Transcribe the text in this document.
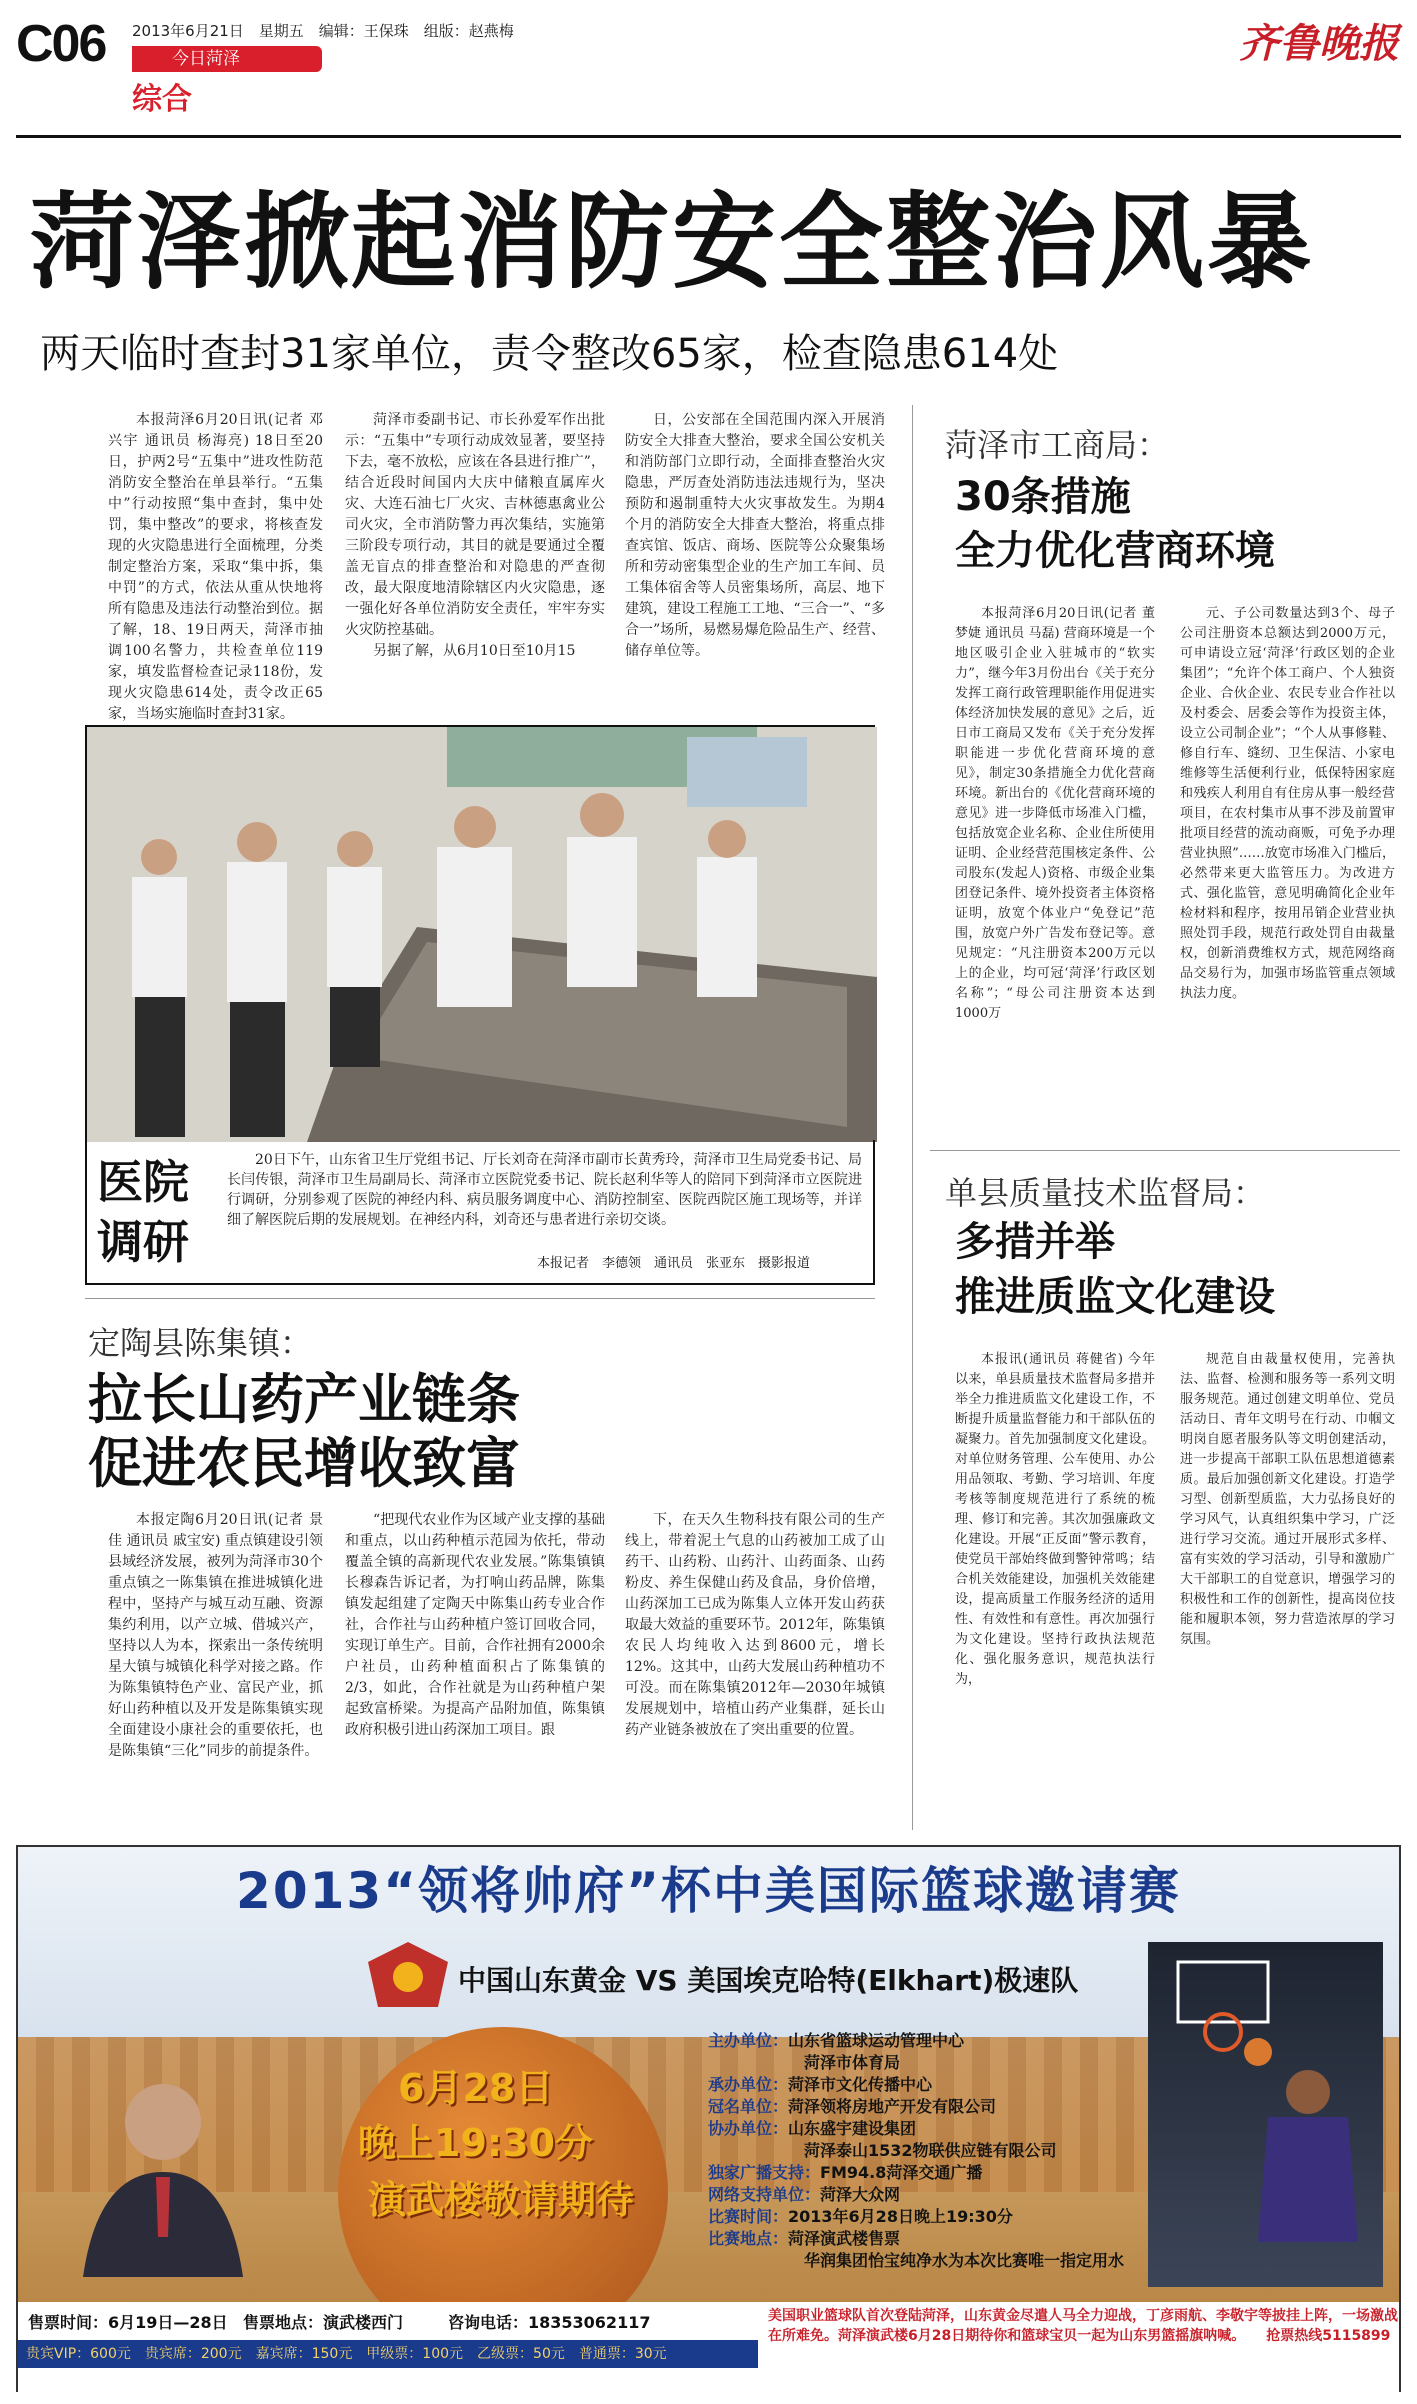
C06 2013年6月21日　星期五　编辑：王保珠　组版：赵燕梅
今日菏泽
综合
齐鲁晚报
菏泽掀起消防安全整治风暴
两天临时查封31家单位，责令整改65家，检查隐患614处

本报菏泽6月20日讯(记者 邓兴宇 通讯员 杨海亮) 18日至20日，护两2号“五集中”进攻性防范消防安全整治在单县举行。“五集中”行动按照“集中查封，集中处罚，集中整改”的要求，将核查发现的火灾隐患进行全面梳理，分类制定整治方案，采取“集中拆，集中罚”的方式，依法从重从快地将所有隐患及违法行动整治到位。据了解，18、19日两天，菏泽市抽调100名警力，共检查单位119家，填发监督检查记录118份，发现火灾隐患614处，责令改正65家，当场实施临时查封31家。

菏泽市委副书记、市长孙爱军作出批示：“五集中”专项行动成效显著，要坚持下去，毫不放松，应该在各县进行推广”，结合近段时间国内大庆中储粮直属库火灾、大连石油七厂火灾、吉林德惠禽业公司火灾，全市消防警力再次集结，实施第三阶段专项行动，其目的就是要通过全覆盖无盲点的排查整治和对隐患的严查彻改，最大限度地清除辖区内火灾隐患，逐一强化好各单位消防安全责任，牢牢夯实火灾防控基础。

另据了解，从6月10日至10月15

日，公安部在全国范围内深入开展消防安全大排查大整治，要求全国公安机关和消防部门立即行动，全面排查整治火灾隐患，严厉查处消防违法违规行为，坚决预防和遏制重特大火灾事故发生。为期4个月的消防安全大排查大整治，将重点排查宾馆、饭店、商场、医院等公众聚集场所和劳动密集型企业的生产加工车间、员工集体宿舍等人员密集场所，高层、地下建筑，建设工程施工工地、“三合一”、“多合一”场所，易燃易爆危险品生产、经营、储存单位等。

医院调研

20日下午，山东省卫生厅党组书记、厅长刘奇在菏泽市副市长黄秀玲，菏泽市卫生局党委书记、局长闫传银，菏泽市卫生局副局长、菏泽市立医院党委书记、院长赵利华等人的陪同下到菏泽市立医院进行调研，分别参观了医院的神经内科、病员服务调度中心、消防控制室、医院西院区施工现场等，并详细了解医院后期的发展规划。在神经内科，刘奇还与患者进行亲切交谈。

本报记者　李德领　通讯员　张亚东　摄影报道
定陶县陈集镇：
拉长山药产业链条
促进农民增收致富

本报定陶6月20日讯(记者 景佳 通讯员 戚宝安) 重点镇建设引领县域经济发展，被列为菏泽市30个重点镇之一陈集镇在推进城镇化进程中，坚持产与城互动互融、资源集约利用，以产立城、借城兴产，坚持以人为本，探索出一条传统明星大镇与城镇化科学对接之路。作为陈集镇特色产业、富民产业，抓好山药种植以及开发是陈集镇实现全面建设小康社会的重要依托，也是陈集镇“三化”同步的前提条件。

“把现代农业作为区域产业支撑的基础和重点，以山药种植示范园为依托，带动覆盖全镇的高新现代农业发展。”陈集镇镇长穆森告诉记者，为打响山药品牌，陈集镇发起组建了定陶天中陈集山药专业合作社，合作社与山药种植户签订回收合同，实现订单生产。目前，合作社拥有2000余户社员，山药种植面积占了陈集镇的2/3，如此，合作社就是为山药种植户架起致富桥梁。为提高产品附加值，陈集镇政府积极引进山药深加工项目。跟

下，在天久生物科技有限公司的生产线上，带着泥土气息的山药被加工成了山药干、山药粉、山药汁、山药面条、山药粉皮、养生保健山药及食品，身价倍增，山药深加工已成为陈集人立体开发山药获取最大效益的重要环节。2012年，陈集镇农民人均纯收入达到8600元，增长12%。这其中，山药大发展山药种植功不可没。而在陈集镇2012年—2030年城镇发展规划中，培植山药产业集群，延长山药产业链条被放在了突出重要的位置。

菏泽市工商局：
30条措施
全力优化营商环境

本报菏泽6月20日讯(记者 董梦婕 通讯员 马磊) 营商环境是一个地区吸引企业入驻城市的“软实力”，继今年3月份出台《关于充分发挥工商行政管理职能作用促进实体经济加快发展的意见》之后，近日市工商局又发布《关于充分发挥职能进一步优化营商环境的意见》，制定30条措施全力优化营商环境。新出台的《优化营商环境的意见》进一步降低市场准入门槛，包括放宽企业名称、企业住所使用证明、企业经营范围核定条件、公司股东(发起人)资格、市级企业集团登记条件、境外投资者主体资格证明，放宽个体业户“免登记”范围，放宽户外广告发布登记等。意见规定：“凡注册资本200万元以上的企业，均可冠‘菏泽’行政区划名称”；“母公司注册资本达到1000万

元、子公司数量达到3个、母子公司注册资本总额达到2000万元，可申请设立冠‘菏泽’行政区划的企业集团”；“允许个体工商户、个人独资企业、合伙企业、农民专业合作社以及村委会、居委会等作为投资主体，设立公司制企业”；“个人从事修鞋、修自行车、缝纫、卫生保洁、小家电维修等生活便利行业，低保特困家庭和残疾人利用自有住房从事一般经营项目，在农村集市从事不涉及前置审批项目经营的流动商贩，可免予办理营业执照”……放宽市场准入门槛后，必然带来更大监管压力。为改进方式、强化监管，意见明确简化企业年检材料和程序，按用吊销企业营业执照处罚手段，规范行政处罚自由裁量权，创新消费维权方式，规范网络商品交易行为，加强市场监管重点领域执法力度。

单县质量技术监督局：
多措并举
推进质监文化建设

本报讯(通讯员 蒋健省) 今年以来，单县质量技术监督局多措并举全力推进质监文化建设工作，不断提升质量监督能力和干部队伍的凝聚力。首先加强制度文化建设。对单位财务管理、公车使用、办公用品领取、考勤、学习培训、年度考核等制度规范进行了系统的梳理、修订和完善。其次加强廉政文化建设。开展“正反面”警示教育，使党员干部始终做到警钟常鸣；结合机关效能建设，加强机关效能建设，提高质量工作服务经济的适用性、有效性和有意性。再次加强行为文化建设。坚持行政执法规范化、强化服务意识，规范执法行为，

规范自由裁量权使用，完善执法、监督、检测和服务等一系列文明服务规范。通过创建文明单位、党员活动日、青年文明号在行动、巾帼文明岗自愿者服务队等文明创建活动，进一步提高干部职工队伍思想道德素质。最后加强创新文化建设。打造学习型、创新型质监，大力弘扬良好的学习风气，认真组织集中学习，广泛进行学习交流。通过开展形式多样、富有实效的学习活动，引导和激励广大干部职工的自觉意识，增强学习的积极性和工作的创新性，提高岗位技能和履职本领，努力营造浓厚的学习氛围。

2013“领将帅府”杯中美国际篮球邀请赛
中国山东黄金 VS 美国埃克哈特(Elkhart)极速队
6月28日
晚上19:30分
演武楼敬请期待
主办单位：山东省篮球运动管理中心
菏泽市体育局
承办单位：菏泽市文化传播中心
冠名单位：菏泽领将房地产开发有限公司
协办单位：山东盛宇建设集团
菏泽泰山1532物联供应链有限公司
独家广播支持：FM94.8菏泽交通广播
网络支持单位：菏泽大众网
比赛时间：2013年6月28日晚上19:30分
比赛地点：菏泽演武楼售票
华润集团怡宝纯净水为本次比赛唯一指定用水
售票时间：6月19日—28日 售票地点：演武楼西门	咨询电话：18353062117
贵宾VIP：600元　贵宾席：200元　嘉宾席：150元　甲级票：100元　乙级票：50元　普通票：30元
美国职业篮球队首次登陆菏泽，山东黄金尽遣人马全力迎战，丁彦雨航、李敬宇等披挂上阵，一场激战在所难免。菏泽演武楼6月28日期待你和篮球宝贝一起为山东男篮摇旗呐喊。　　抢票热线5115899
